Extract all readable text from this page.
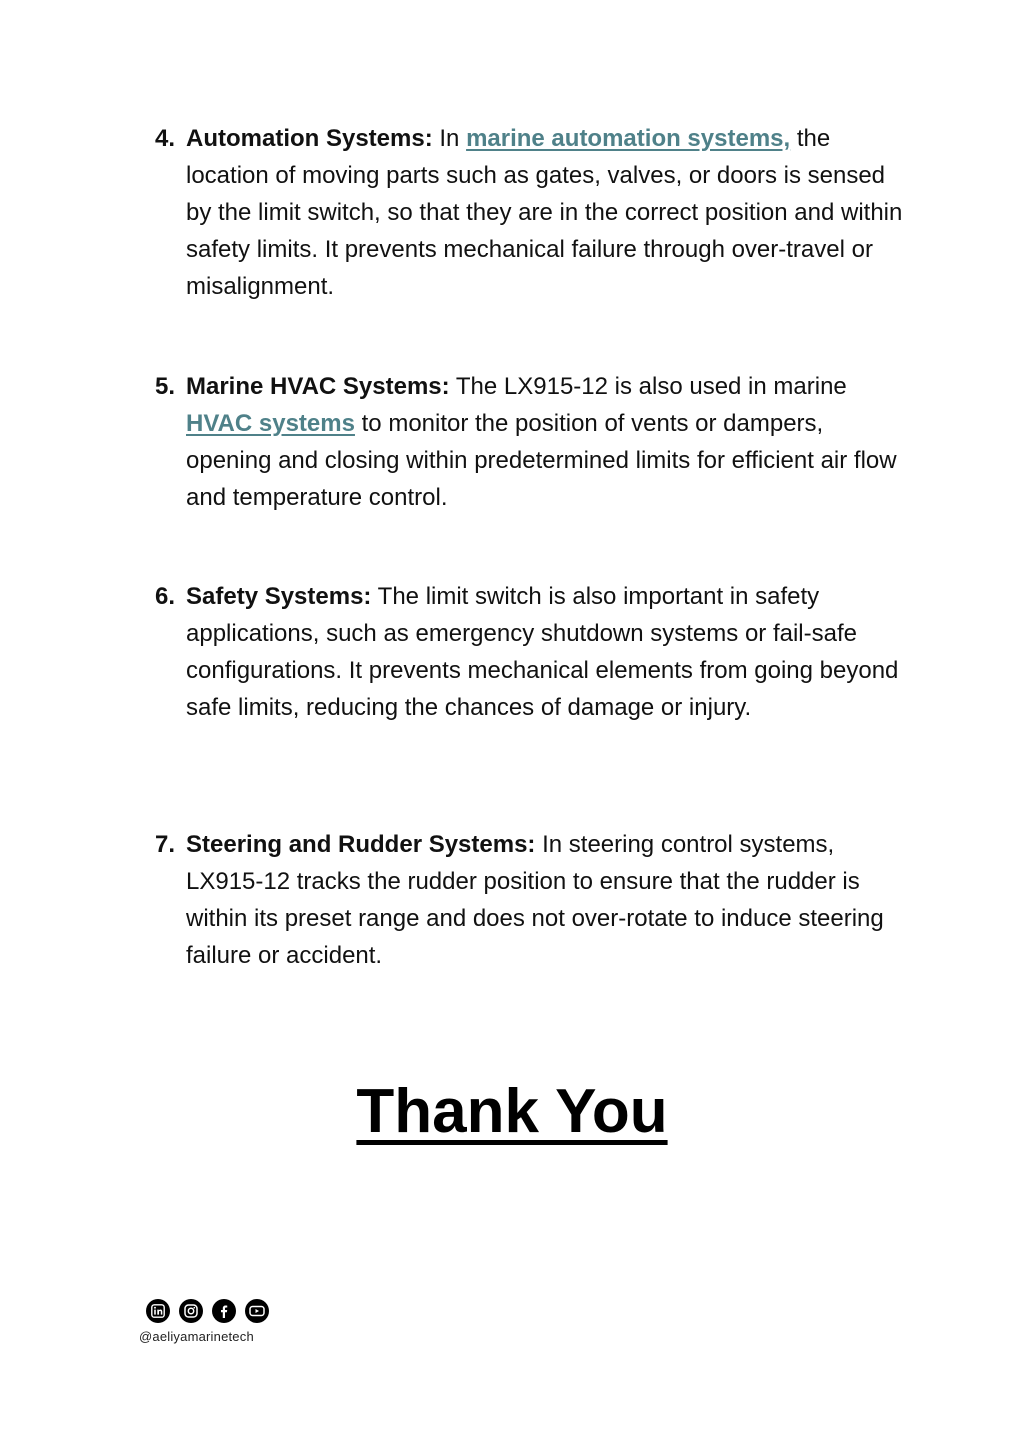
4. Automation Systems: In marine automation systems, the location of moving parts such as gates, valves, or doors is sensed by the limit switch, so that they are in the correct position and within safety limits. It prevents mechanical failure through over-travel or misalignment.
5. Marine HVAC Systems: The LX915-12 is also used in marine HVAC systems to monitor the position of vents or dampers, opening and closing within predetermined limits for efficient air flow and temperature control.
6. Safety Systems: The limit switch is also important in safety applications, such as emergency shutdown systems or fail-safe configurations. It prevents mechanical elements from going beyond safe limits, reducing the chances of damage or injury.
7. Steering and Rudder Systems: In steering control systems, LX915-12 tracks the rudder position to ensure that the rudder is within its preset range and does not over-rotate to induce steering failure or accident.
Thank You
@aeliyamarinetech
